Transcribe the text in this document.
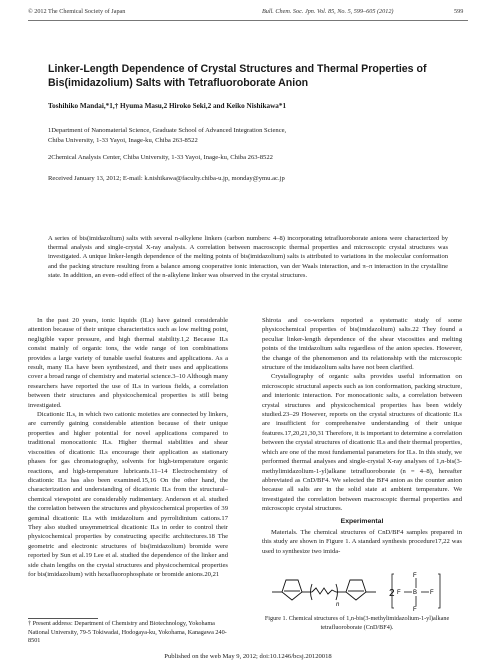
© 2012 The Chemical Society of Japan	Bull. Chem. Soc. Jpn. Vol. 85, No. 5, 599–605 (2012)	599
Linker-Length Dependence of Crystal Structures and Thermal Properties of Bis(imidazolium) Salts with Tetrafluoroborate Anion
Toshihiko Mandai,*1,† Hyuma Masu,2 Hiroko Seki,2 and Keiko Nishikawa*1
1Department of Nanomaterial Science, Graduate School of Advanced Integration Science,
Chiba University, 1-33 Yayoi, Inage-ku, Chiba 263-8522
2Chemical Analysis Center, Chiba University, 1-33 Yayoi, Inage-ku, Chiba 263-8522
Received January 13, 2012; E-mail: k.nishikawa@faculty.chiba-u.jp, monday@ymu.ac.jp
A series of bis(imidazolium) salts with several n-alkylene linkers (carbon numbers: 4–8) incorporating tetrafluoroborate anions were characterized by thermal analysis and single-crystal X-ray analysis. A correlation between macroscopic thermal properties and microscopic crystal structures was investigated. A unique linker-length dependence of the melting points of bis(imidazolium) salts is attributed to variations in the molecular conformation and the packing structure resulting from a balance among cooperative ionic interaction, van der Waals interaction, and π–π interaction in the crystalline state. In addition, an even–odd effect of the n-alkylene linker was observed in the crystal structures.

In the past 20 years, ionic liquids (ILs) have gained considerable attention because of their unique characteristics such as low melting point, negligible vapor pressure, and high thermal stability.1,2 Because ILs consist mainly of organic ions, the wide range of ion combinations provides a large variety of tunable useful features and applications. As a result, many ILs have been synthesized, and their uses and applications cover a broad range of chemistry and material science.3–10 Although many researchers have reported the use of ILs in various fields, a correlation between their structures and physicochemical properties is still being investigated.

Dicationic ILs, in which two cationic moieties are connected by linkers, are currently gaining considerable attention because of their unique properties and higher potential for novel applications compared to traditional monocationic ILs. Higher thermal stabilities and shear viscosities of dicationic ILs encourage their application as stationary phases for gas chromatography, solvents for high-temperature organic reactions, and high-temperature lubricants.11–14 Electrochemistry of dicationic ILs has also been examined.15,16 On the other hand, the characterization and understanding of dicationic ILs from the structural–chemical viewpoint are considerably rudimentary. Anderson et al. studied the correlation between the structures and physicochemical properties of 39 geminal dicationic ILs with imidazolium and pyrrolidinium cations.17 They also studied unsymmetrical dicationic ILs in order to control their physicochemical properties by constructing specific architectures.18 The geometric and electronic structures of bis(imidazolium) bromide were reported by Sun et al.19 Lee et al. studied the dependence of the linker and side chain lengths on the crystal structures and physicochemical properties for bis(imidazolium) with hexafluorophosphate or bromide anions.20,21

Shirota and co-workers reported a systematic study of some physicochemical properties of bis(imidazolium) salts.22 They found a peculiar linker-length dependence of the shear viscosities and melting points of the imidazolium salts regardless of the anion species. However, the change of the phenomenon and its relationship with the microscopic structure of the imidazolium salts have not been clarified.

Crystallography of organic salts provides useful information on microscopic structural aspects such as ion conformation, packing structure, and interionic interaction. For monocationic salts, a correlation between crystal structures and physicochemical properties has been widely studied.23–29 However, reports on the crystal structures of dicationic ILs are insufficient for comprehensive understanding of their unique features.17,20,21,30,31 Therefore, it is important to determine a correlation between the crystal structures of dicationic ILs and their thermal properties, which are one of the most fundamental parameters for ILs. In this study, we performed thermal analyses and single-crystal X-ray analyses of 1,n-bis(3-methylimidazolium-1-yl)alkane tetrafluoroborate (n = 4–8), hereafter abbreviated as CnD/BF4. We selected the BF4 anion as the counter anion because all salts are in the solid state at ambient temperature. We investigated the correlation between macroscopic thermal properties and microscopic crystal structures.

Experimental

Materials. The chemical structures of CnD/BF4 samples prepared in this study are shown in Figure 1. A standard synthesis procedure17,22 was used to synthesize two imida-

n
2
F
F B F
F
Figure 1. Chemical structures of 1,n-bis(3-methylimidazolium-1-yl)alkane tetrafluoroborate (CnD/BF4).
† Present address: Department of Chemistry and Biotechnology, Yokohama National University, 79-5 Tokiwadai, Hodogaya-ku, Yokohama, Kanagawa 240-8501
Published on the web May 9, 2012; doi:10.1246/bcsj.20120018
